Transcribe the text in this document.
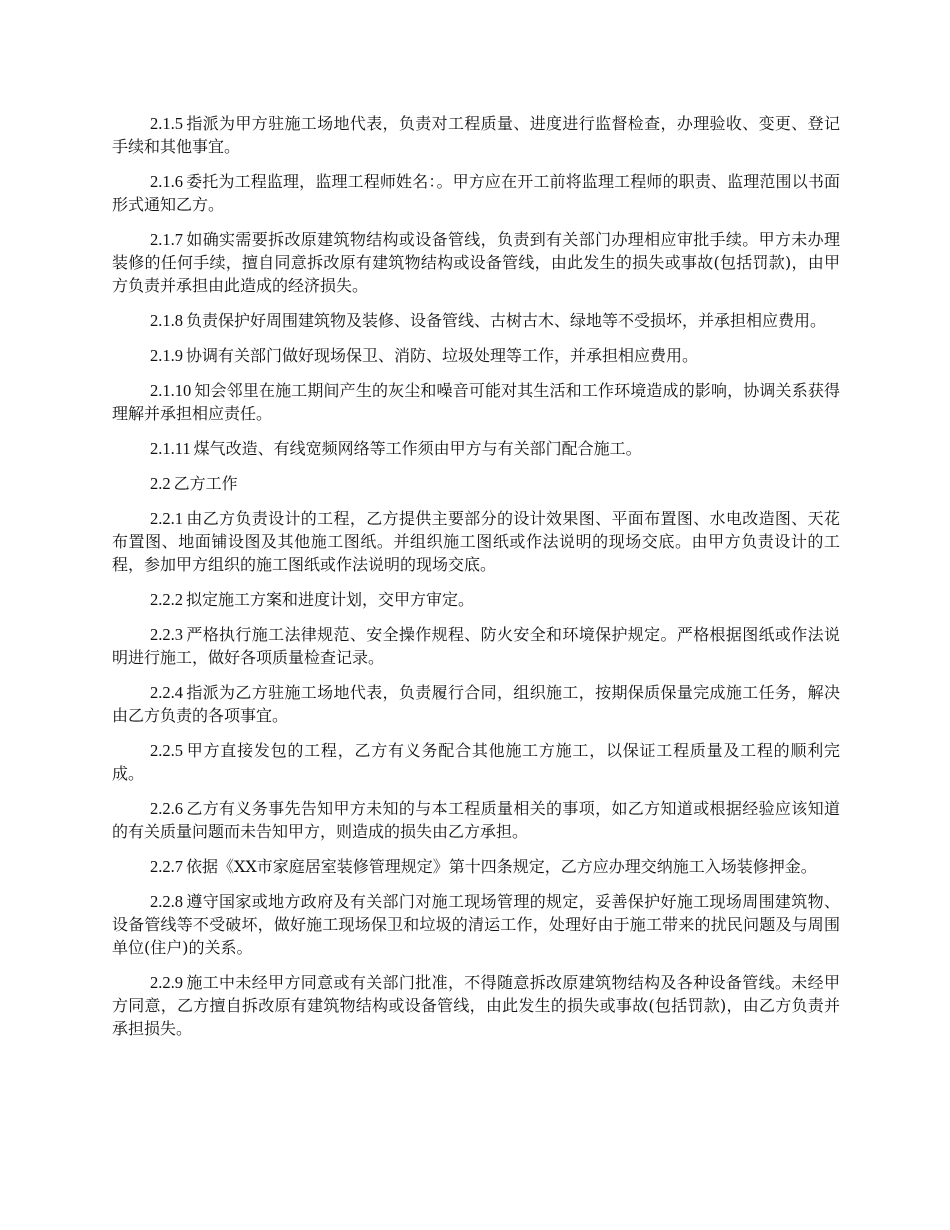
2.1.5 指派为甲方驻施工场地代表，负责对工程质量、进度进行监督检查，办理验收、变更、登记手续和其他事宜。

2.1.6 委托为工程监理，监理工程师姓名：。甲方应在开工前将监理工程师的职责、监理范围以书面形式通知乙方。

2.1.7 如确实需要拆改原建筑物结构或设备管线，负责到有关部门办理相应审批手续。甲方未办理装修的任何手续，擅自同意拆改原有建筑物结构或设备管线，由此发生的损失或事故(包括罚款)，由甲方负责并承担由此造成的经济损失。

2.1.8 负责保护好周围建筑物及装修、设备管线、古树古木、绿地等不受损坏，并承担相应费用。

2.1.9 协调有关部门做好现场保卫、消防、垃圾处理等工作，并承担相应费用。

2.1.10 知会邻里在施工期间产生的灰尘和噪音可能对其生活和工作环境造成的影响，协调关系获得理解并承担相应责任。

2.1.11 煤气改造、有线宽频网络等工作须由甲方与有关部门配合施工。

2.2 乙方工作

2.2.1 由乙方负责设计的工程，乙方提供主要部分的设计效果图、平面布置图、水电改造图、天花布置图、地面铺设图及其他施工图纸。并组织施工图纸或作法说明的现场交底。由甲方负责设计的工程，参加甲方组织的施工图纸或作法说明的现场交底。

2.2.2 拟定施工方案和进度计划，交甲方审定。

2.2.3 严格执行施工法律规范、安全操作规程、防火安全和环境保护规定。严格根据图纸或作法说明进行施工，做好各项质量检查记录。

2.2.4 指派为乙方驻施工场地代表，负责履行合同，组织施工，按期保质保量完成施工任务，解决由乙方负责的各项事宜。

2.2.5 甲方直接发包的工程，乙方有义务配合其他施工方施工，以保证工程质量及工程的顺利完成。

2.2.6 乙方有义务事先告知甲方未知的与本工程质量相关的事项，如乙方知道或根据经验应该知道的有关质量问题而未告知甲方，则造成的损失由乙方承担。

2.2.7 依据《XX市家庭居室装修管理规定》第十四条规定，乙方应办理交纳施工入场装修押金。

2.2.8 遵守国家或地方政府及有关部门对施工现场管理的规定，妥善保护好施工现场周围建筑物、设备管线等不受破坏，做好施工现场保卫和垃圾的清运工作，处理好由于施工带来的扰民问题及与周围单位(住户)的关系。

2.2.9 施工中未经甲方同意或有关部门批准，不得随意拆改原建筑物结构及各种设备管线。未经甲方同意，乙方擅自拆改原有建筑物结构或设备管线，由此发生的损失或事故(包括罚款)，由乙方负责并承担损失。
